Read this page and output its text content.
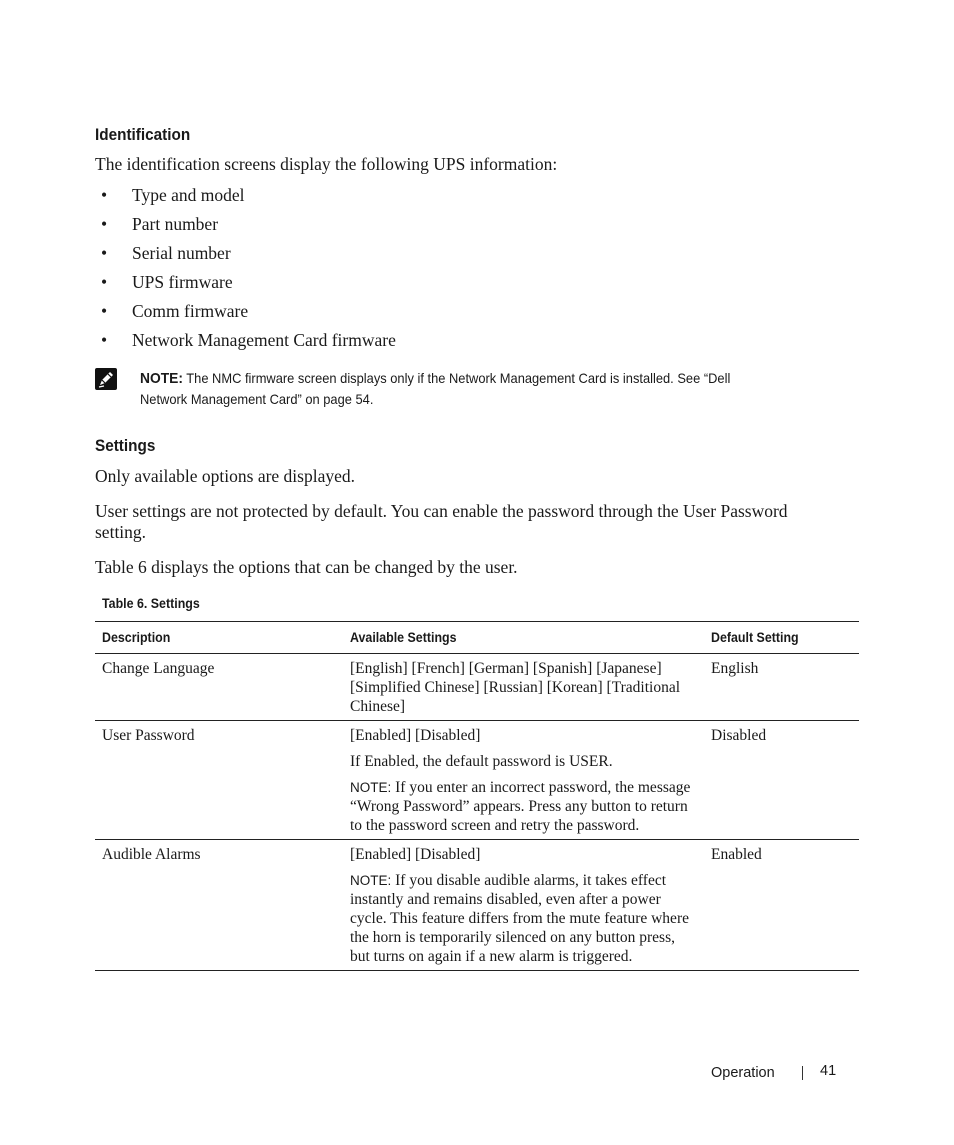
Identification
The identification screens display the following UPS information:
• Type and model
• Part number
• Serial number
• UPS firmware
• Comm firmware
• Network Management Card firmware
NOTE: The NMC firmware screen displays only if the Network Management Card is installed. See “Dell
Network Management Card” on page 54.
Settings
Only available options are displayed.
User settings are not protected by default. You can enable the password through the User Password
setting.
Table 6 displays the options that can be changed by the user.
Table 6. Settings
Description	Available Settings	Default Setting
Change Language	[English] [French] [German] [Spanish] [Japanese] [Simplified Chinese] [Russian] [Korean] [Traditional Chinese]	English
User Password	[Enabled] [Disabled]

If Enabled, the default password is USER.

NOTE: If you enter an incorrect password, the message “Wrong Password” appears. Press any button to return to the password screen and retry the password.	Disabled
Audible Alarms	[Enabled] [Disabled]

NOTE: If you disable audible alarms, it takes effect instantly and remains disabled, even after a power cycle. This feature differs from the mute feature where the horn is temporarily silenced on any button press, but turns on again if a new alarm is triggered.	Enabled
Operation	41
